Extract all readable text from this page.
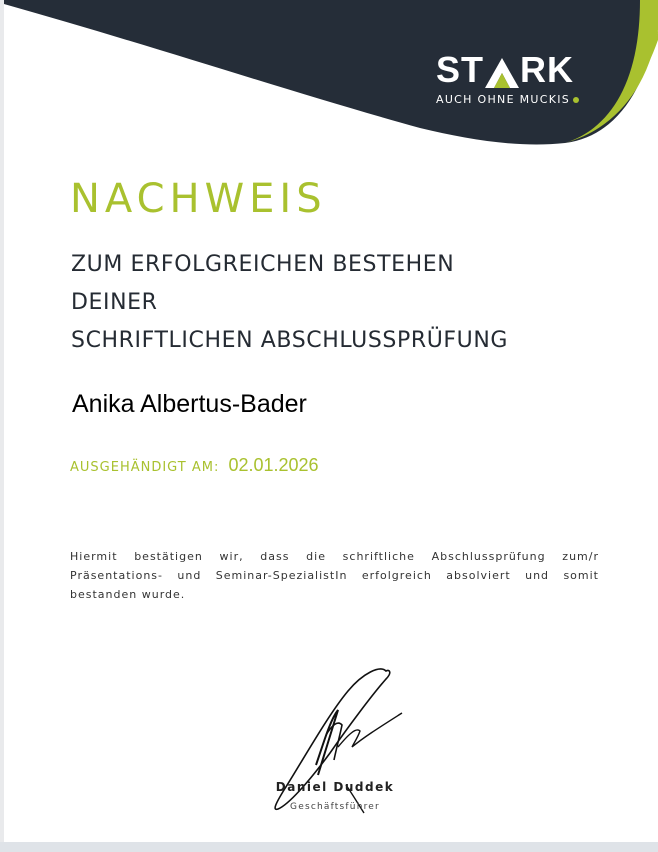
ST RK
AUCH OHNE MUCKIS
NACHWEIS
ZUM ERFOLGREICHEN BESTEHEN
DEINER
SCHRIFTLICHEN ABSCHLUSSPRÜFUNG
Anika Albertus-Bader
AUSGEHÄNDIGT AM: 02.01.2026

Hiermit bestätigen wir, dass die schriftliche Abschlussprüfung zum/r Präsentations- und Seminar-SpezialistIn erfolgreich absolviert und somit bestanden wurde.

Daniel Duddek
Geschäftsführer
